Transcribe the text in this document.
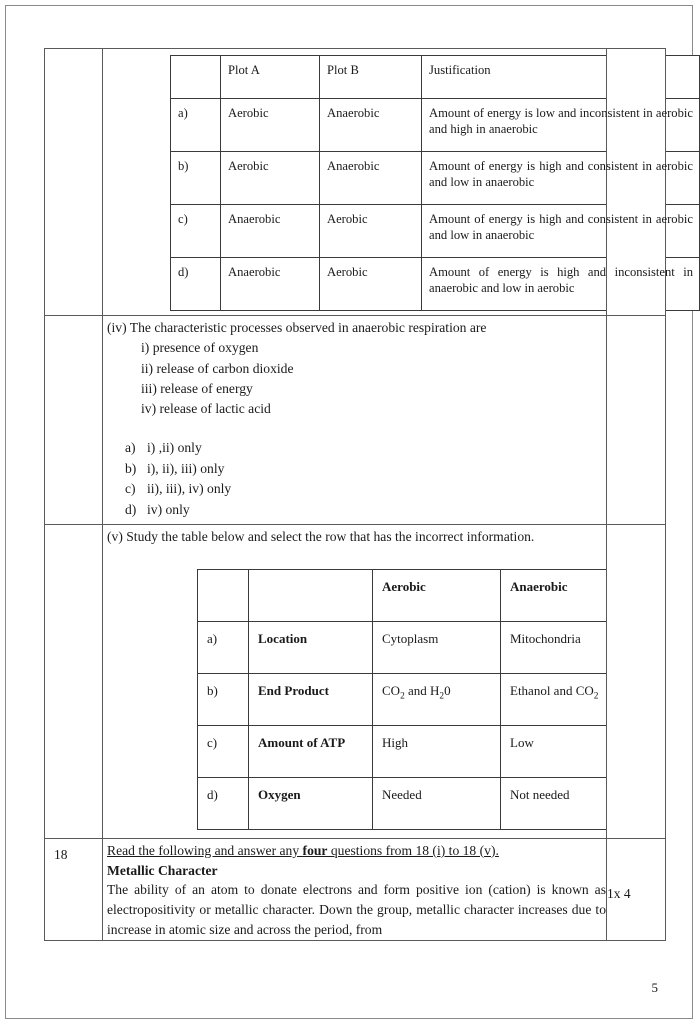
	Plot A	Plot B	Justification
a)	Aerobic	Anaerobic	Amount of energy is low and inconsistent in aerobic and high in anaerobic
b)	Aerobic	Anaerobic	Amount of energy is high and consistent in aerobic and low in anaerobic
c)	Anaerobic	Aerobic	Amount of energy is high and consistent in aerobic and low in anaerobic
d)	Anaerobic	Aerobic	Amount of energy is high and inconsistent in anaerobic and low in aerobic

(iv) The characteristic processes observed in anaerobic respiration are
i) presence of oxygen
ii) release of carbon dioxide
iii) release of energy
iv) release of lactic acid
a) i) ,ii) only
b) i), ii), iii) only
c) ii), iii), iv) only
d) iv) only

(v) Study the table below and select the row that has the incorrect information.
		Aerobic	Anaerobic
a)	Location	Cytoplasm	Mitochondria
b)	End Product	$CO_2$ and $H_20$	Ethanol and $CO_2$
c)	Amount of ATP	High	Low
d)	Oxygen	Needed	Not needed

18	Read the following and answer any four questions from 18 (i) to 18 (v).
Metallic Character
The ability of an atom to donate electrons and form positive ion (cation) is known as electropositivity or metallic character. Down the group, metallic character increases due to increase in atomic size and across the period, from

1x 4
5
